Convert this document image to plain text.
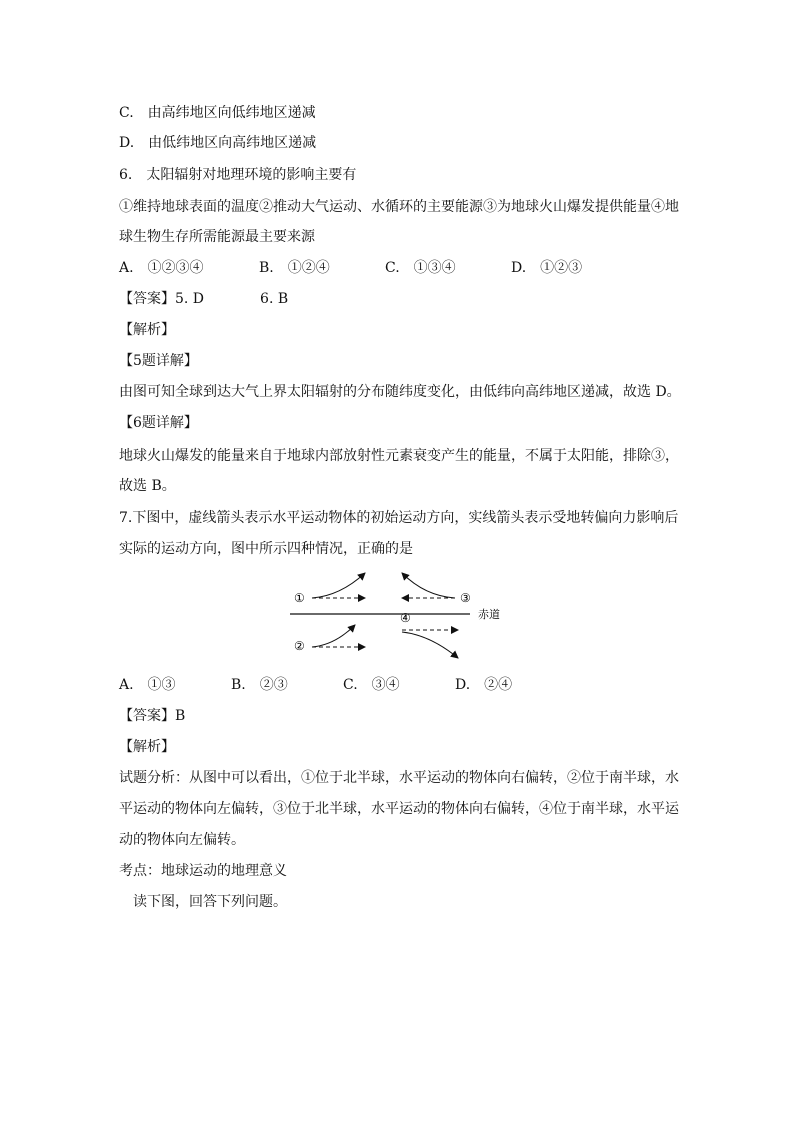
C.　由高纬地区向低纬地区递减
D.　由低纬地区向高纬地区递减
6.　太阳辐射对地理环境的影响主要有
①维持地球表面的温度②推动大气运动、水循环的主要能源③为地球火山爆发提供能量④地
球生物生存所需能源最主要来源
A.　①②③④	B.　①②④	C.　①③④	D.　①②③
【答案】5. D　　　　6. B
【解析】
【5题详解】
由图可知全球到达大气上界太阳辐射的分布随纬度变化，由低纬向高纬地区递减，故选 D。
【6题详解】
地球火山爆发的能量来自于地球内部放射性元素衰变产生的能量，不属于太阳能，排除③，
故选 B。
7.下图中，虚线箭头表示水平运动物体的初始运动方向，实线箭头表示受地转偏向力影响后
实际的运动方向，图中所示四种情况，正确的是
赤道
①	③
②
④
A.　①③	B.　②③	C.　③④	D.　②④
【答案】B
【解析】
试题分析：从图中可以看出，①位于北半球，水平运动的物体向右偏转，②位于南半球，水
平运动的物体向左偏转，③位于北半球，水平运动的物体向右偏转，④位于南半球，水平运
动的物体向左偏转。
考点：地球运动的地理意义
读下图，回答下列问题。
